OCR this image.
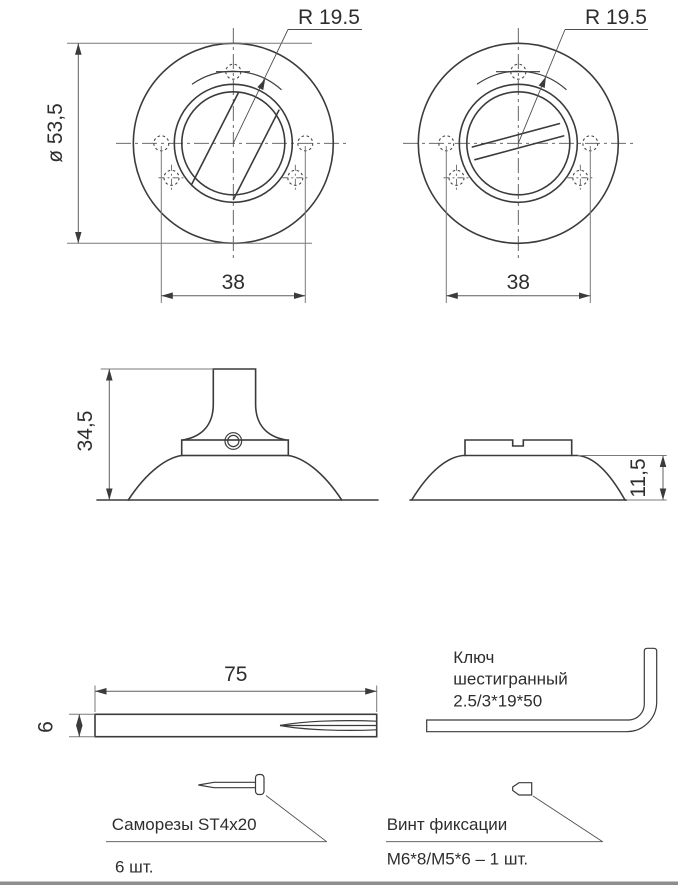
R 19.5
ø 53,5
38
R 19.5
38
34,5
11,5
75
6
Ключ
шестигранный
2.5/3*19*50
Саморезы ST4x20
6 шт.
Винт фиксации
М6*8/М5*6 – 1 шт.
